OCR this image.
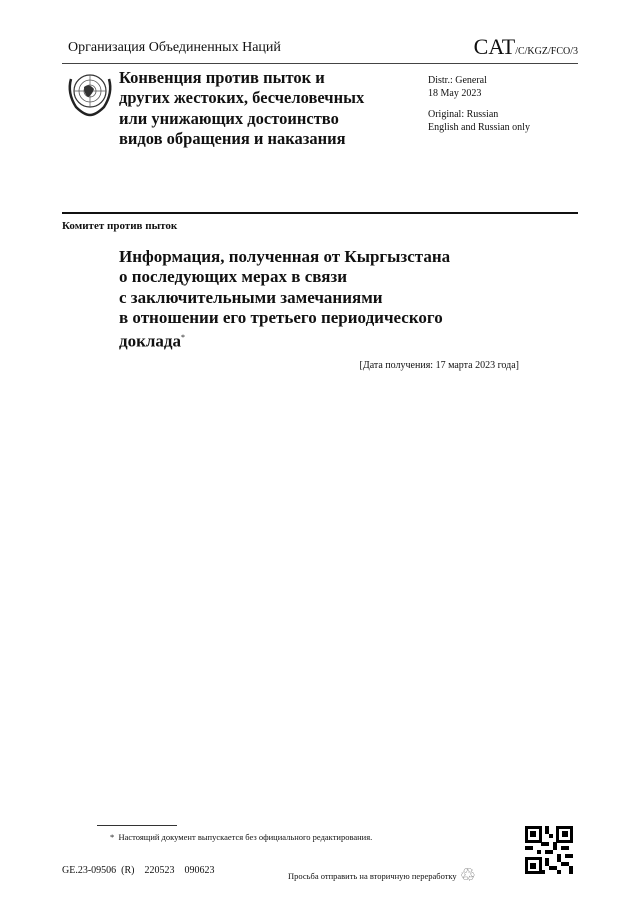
Организация Объединенных Наций	CAT/C/KGZ/FCO/3
Конвенция против пыток и
других жестоких, бесчеловечных
или унижающих достоинство
видов обращения и наказания
Distr.: General
18 May 2023
Original: Russian
English and Russian only
Комитет против пыток
Информация, полученная от Кыргызстана
о последующих мерах в связи
с заключительными замечаниями
в отношении его третьего периодического
доклада*
[Дата получения: 17 марта 2023 года]
* Настоящий документ выпускается без официального редактирования.
GE.23-09506  (R)    220523    090623	Просьба отправить на вторичную переработку ♲
